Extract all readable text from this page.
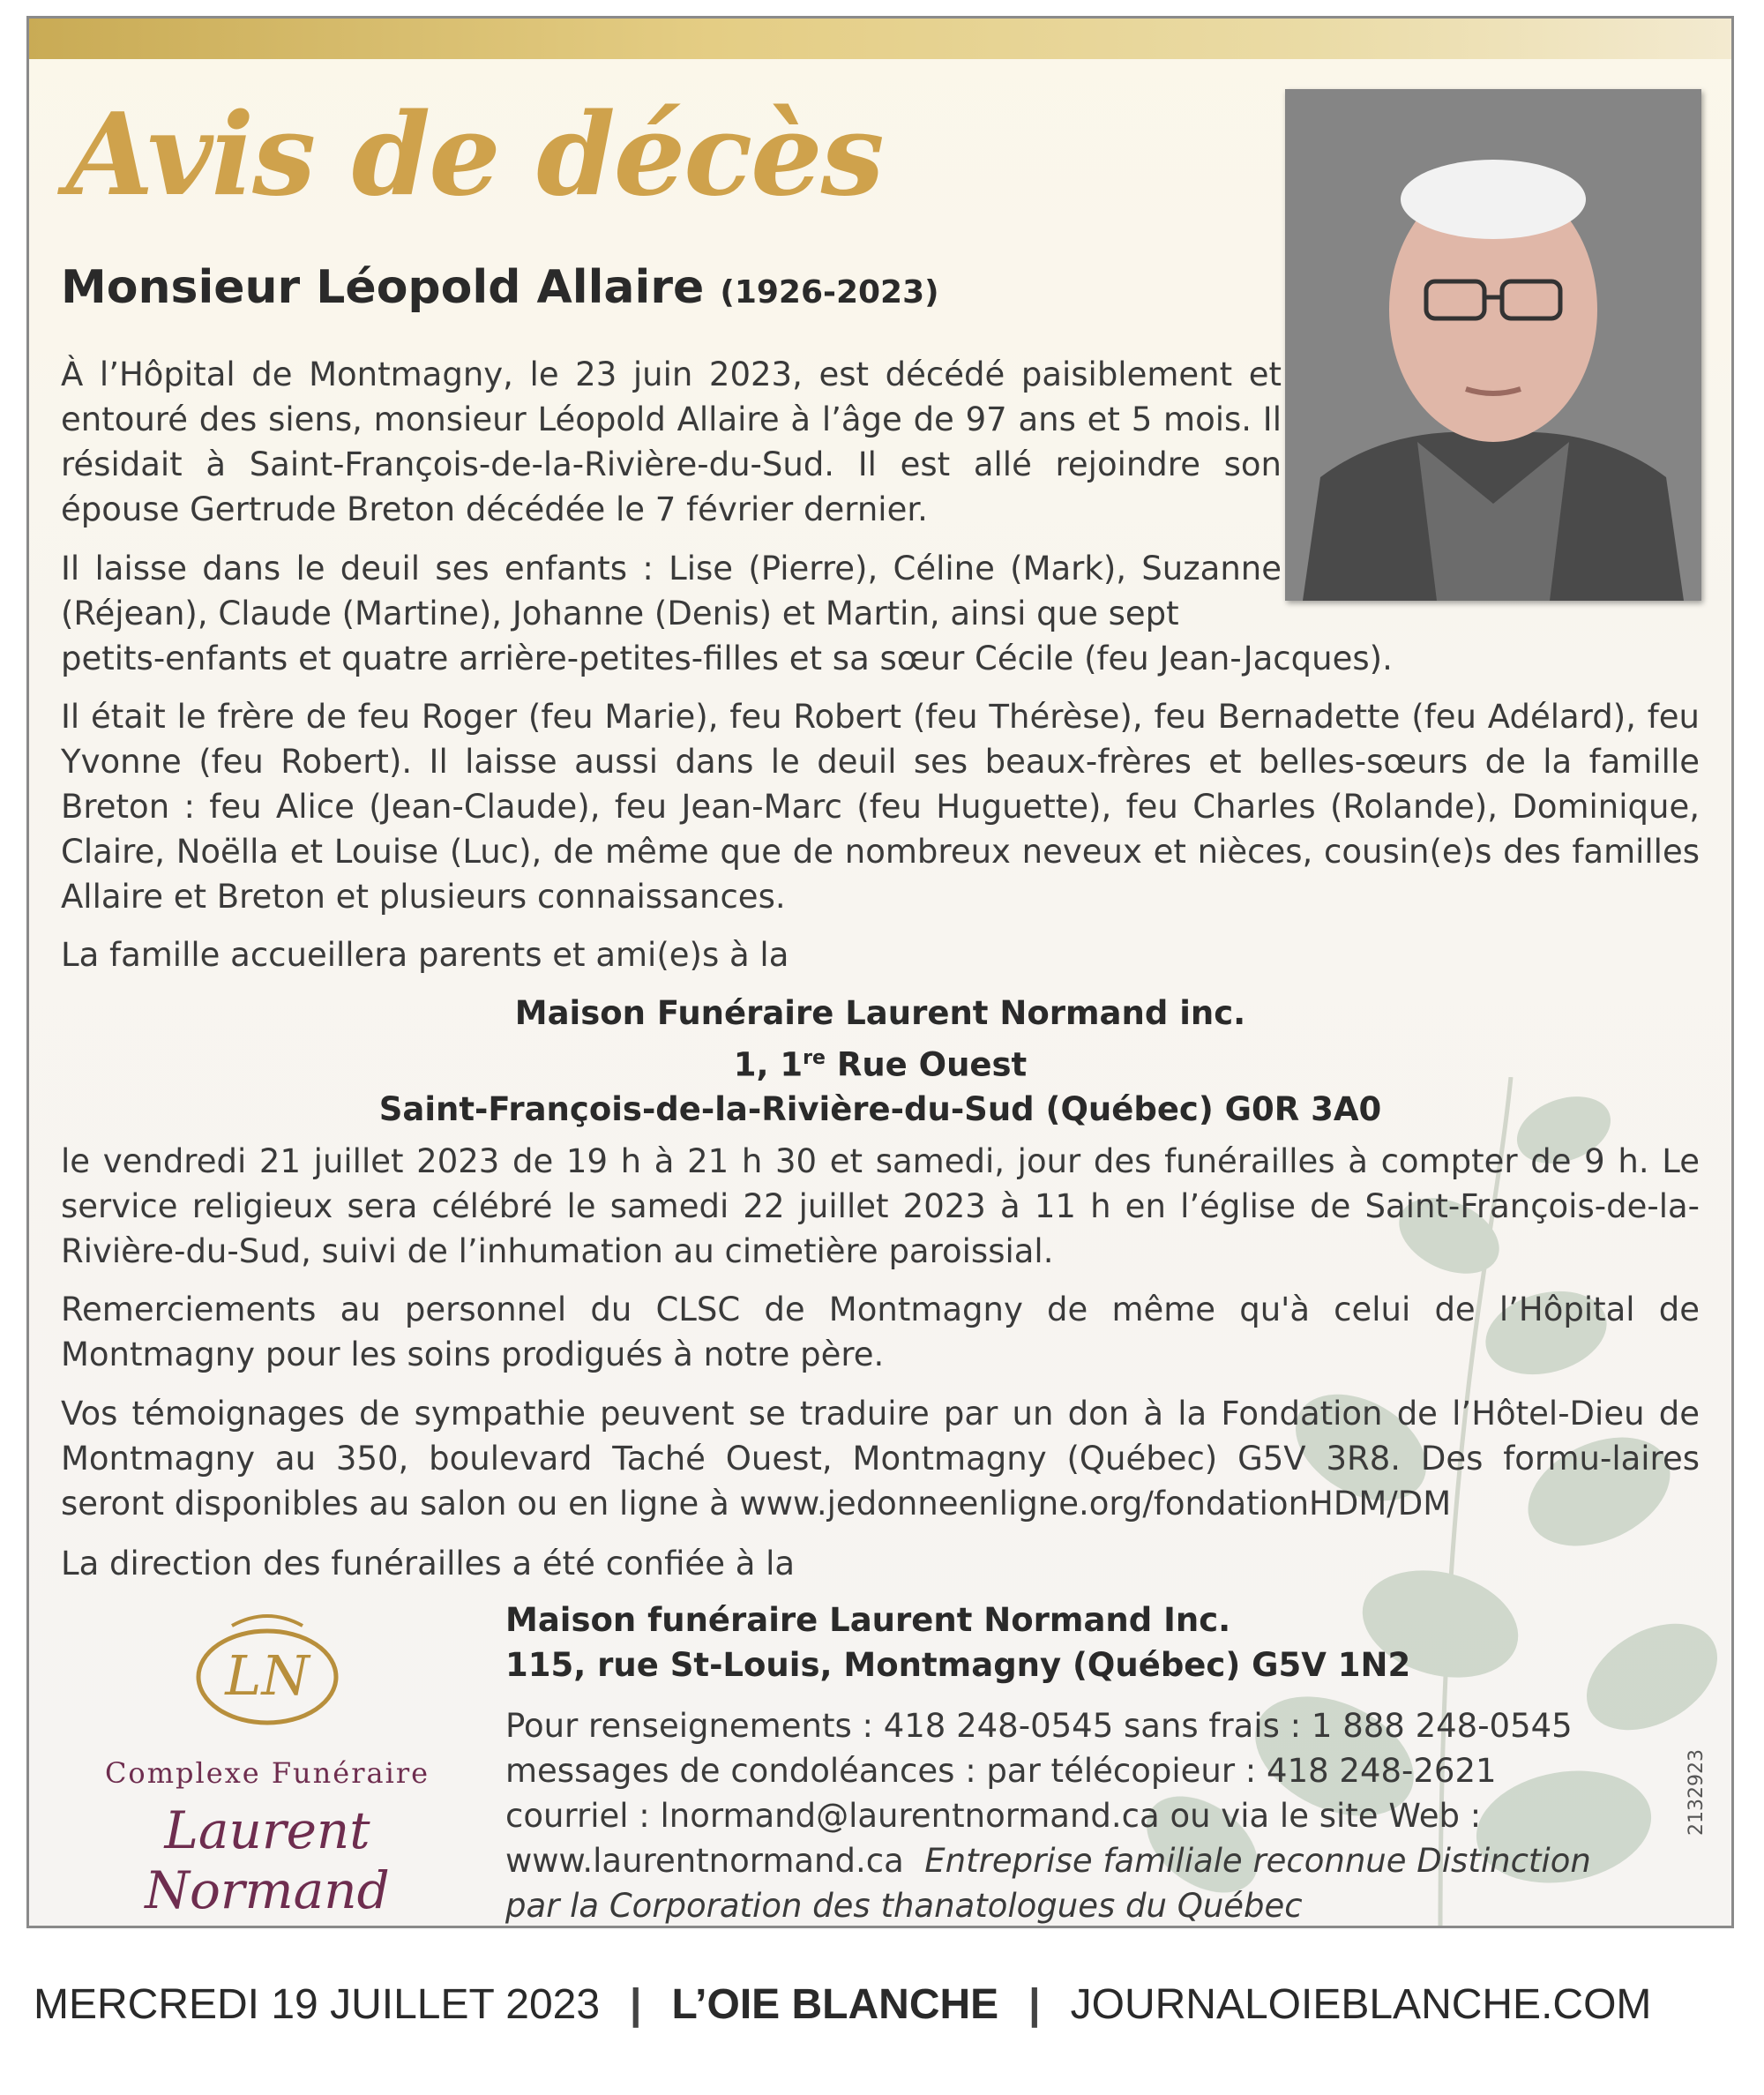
Avis de décès
Monsieur Léopold Allaire (1926-2023)

À l’Hôpital de Montmagny, le 23 juin 2023, est décédé paisiblement et entouré des siens, monsieur Léopold Allaire à l’âge de 97 ans et 5 mois. Il résidait à Saint-François-de-la-Rivière-du-Sud. Il est allé rejoindre son épouse Gertrude Breton décédée le 7 février dernier.

Il laisse dans le deuil ses enfants : Lise (Pierre), Céline (Mark), Suzanne (Réjean), Claude (Martine), Johanne (Denis) et Martin, ainsi que sept

petits-enfants et quatre arrière-petites-filles et sa sœur Cécile (feu Jean-Jacques).

Il était le frère de feu Roger (feu Marie), feu Robert (feu Thérèse), feu Bernadette (feu Adélard), feu Yvonne (feu Robert). Il laisse aussi dans le deuil ses beaux-frères et belles-sœurs de la famille Breton : feu Alice (Jean-Claude), feu Jean-Marc (feu Huguette), feu Charles (Rolande), Dominique, Claire, Noëlla et Louise (Luc), de même que de nombreux neveux et nièces, cousin(e)s des familles Allaire et Breton et plusieurs connaissances.

La famille accueillera parents et ami(e)s à la

Maison Funéraire Laurent Normand inc.
1, 1re Rue Ouest
Saint-François-de-la-Rivière-du-Sud (Québec) G0R 3A0

le vendredi 21 juillet 2023 de 19 h à 21 h 30 et samedi, jour des funérailles à compter de 9 h. Le service religieux sera célébré le samedi 22 juillet 2023 à 11 h en l’église de Saint-François-de-la-Rivière-du-Sud, suivi de l’inhumation au cimetière paroissial.

Remerciements au personnel du CLSC de Montmagny de même qu'à celui de l’Hôpital de Montmagny pour les soins prodigués à notre père.

Vos témoignages de sympathie peuvent se traduire par un don à la Fondation de l’Hôtel-Dieu de Montmagny au 350, boulevard Taché Ouest, Montmagny (Québec) G5V 3R8. Des formu-laires seront disponibles au salon ou en ligne à www.jedonneenligne.org/fondationHDM/DM

La direction des funérailles a été confiée à la

LN
Complexe Funéraire
Laurent Normand
Maison funéraire Laurent Normand Inc.
115, rue St-Louis, Montmagny (Québec) G5V 1N2
Pour renseignements : 418 248-0545 sans frais : 1 888 248-0545
messages de condoléances : par télécopieur : 418 248-2621
courriel : lnormand@laurentnormand.ca ou via le site Web :
www.laurentnormand.ca Entreprise familiale reconnue Distinction
par la Corporation des thanatologues du Québec
2132923
MERCREDI 19 JUILLET 2023 | L’OIE BLANCHE | JOURNALOIEBLANCHE.COM
